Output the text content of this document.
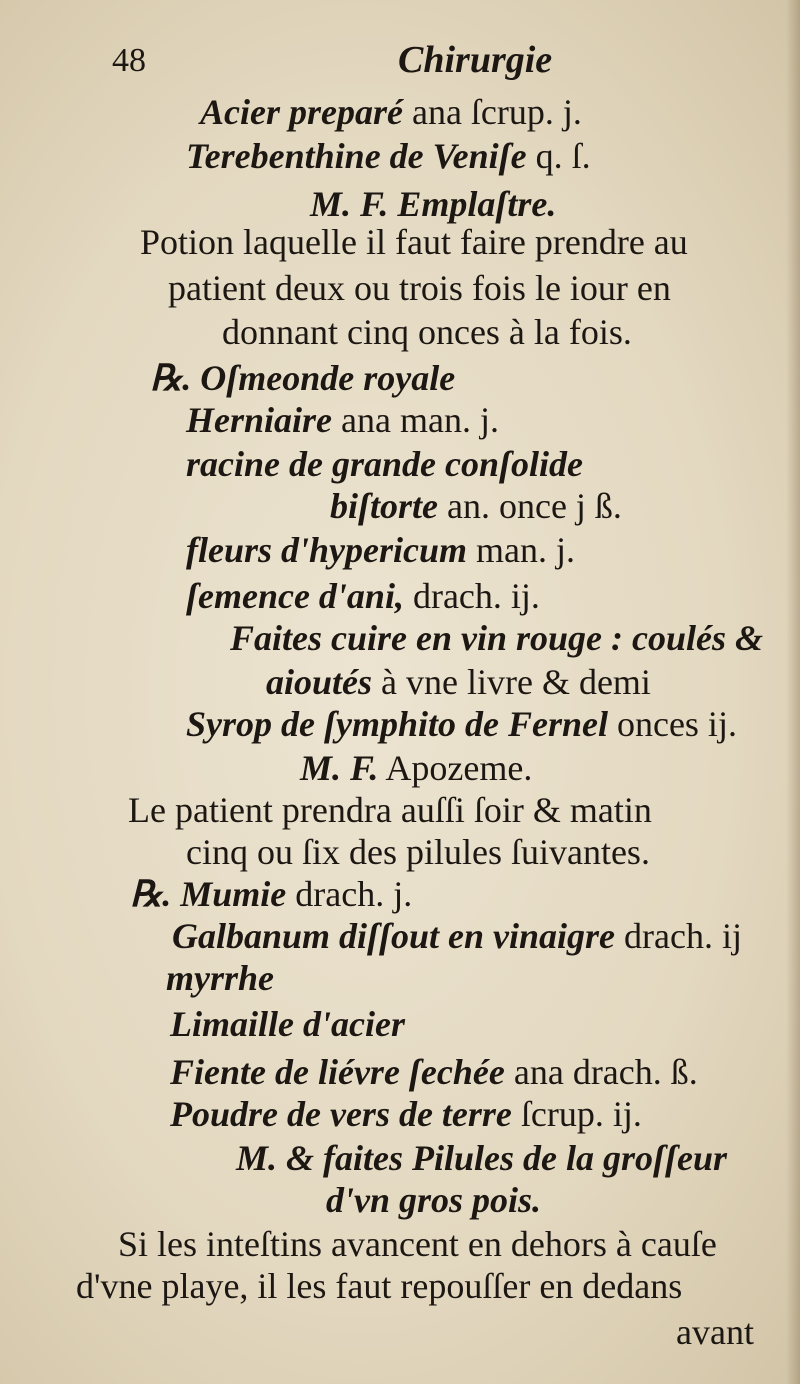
48	Chirurgie
Acier preparé ana ſcrup. j.
Terebenthine de Veniſe q. ſ.
M. F. Emplaſtre.
Potion laquelle il faut faire prendre au
patient deux ou trois fois le iour en
donnant cinq onces à la fois.
℞. Oſmeonde royale
Herniaire ana man. j.
racine de grande conſolide
biſtorte an. once j ß.
fleurs d'hypericum man. j.
ſemence d'ani, drach. ij.
Faites cuire en vin rouge : coulés &
aioutés à vne livre & demi
Syrop de ſymphito de Fernel onces ij.
M. F. Apozeme.
Le patient prendra auſſi ſoir & matin
cinq ou ſix des pilules ſuivantes.
℞. Mumie drach. j.
Galbanum diſſout en vinaigre drach. ij
myrrhe
Limaille d'acier
Fiente de liévre ſechée ana drach. ß.
Poudre de vers de terre ſcrup. ij.
M. & faites Pilules de la groſſeur
d'vn gros pois.
Si les inteſtins avancent en dehors à cauſe
d'vne playe, il les faut repouſſer en dedans
avant
